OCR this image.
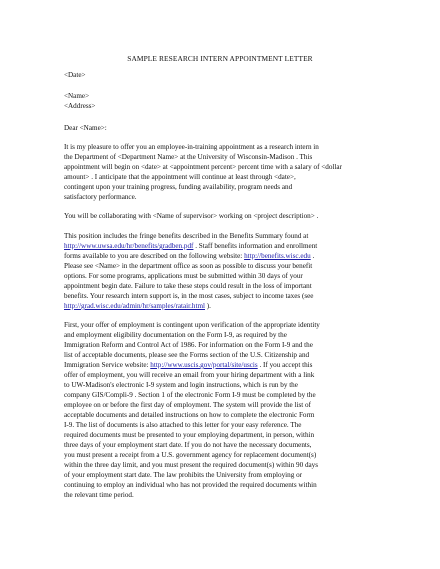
SAMPLE RESEARCH INTERN APPOINTMENT LETTER
<Date>
<Name>
<Address>
Dear <Name>:
It is my pleasure to offer you an employee-in-training appointment as a research intern in
the Department of <Department Name> at the University of Wisconsin-Madison . This
appointment will begin on <date> at <appointment percent> percent time with a salary of <dollar
amount> . I anticipate that the appointment will continue at least through <date>,
contingent upon your training progress, funding availability, program needs and
satisfactory performance.
You will be collaborating with <Name of supervisor> working on <project description> .
This position includes the fringe benefits described in the Benefits Summary found at
http://www.uwsa.edu/hr/benefits/gradben.pdf . Staff benefits information and enrollment
forms available to you are described on the following website: http://benefits.wisc.edu .
Please see <Name> in the department office as soon as possible to discuss your benefit
options. For some programs, applications must be submitted within 30 days of your
appointment begin date. Failure to take these steps could result in the loss of important
benefits. Your research intern support is, in the most cases, subject to income taxes (see
http://grad.wisc.edu/admin/hr/samples/ratair.html ).
First, your offer of employment is contingent upon verification of the appropriate identity
and employment eligibility documentation on the Form I-9, as required by the
Immigration Reform and Control Act of 1986. For information on the Form I-9 and the
list of acceptable documents, please see the Forms section of the U.S. Citizenship and
Immigration Service website: http://www.uscis.gov/portal/site/uscis . If you accept this
offer of employment, you will receive an email from your hiring department with a link
to UW-Madison's electronic I-9 system and login instructions, which is run by the
company GIS/Compli-9 . Section 1 of the electronic Form I-9 must be completed by the
employee on or before the first day of employment. The system will provide the list of
acceptable documents and detailed instructions on how to complete the electronic Form
I-9. The list of documents is also attached to this letter for your easy reference. The
required documents must be presented to your employing department, in person, within
three days of your employment start date. If you do not have the necessary documents,
you must present a receipt from a U.S. government agency for replacement document(s)
within the three day limit, and you must present the required document(s) within 90 days
of your employment start date. The law prohibits the University from employing or
continuing to employ an individual who has not provided the required documents within
the relevant time period.
